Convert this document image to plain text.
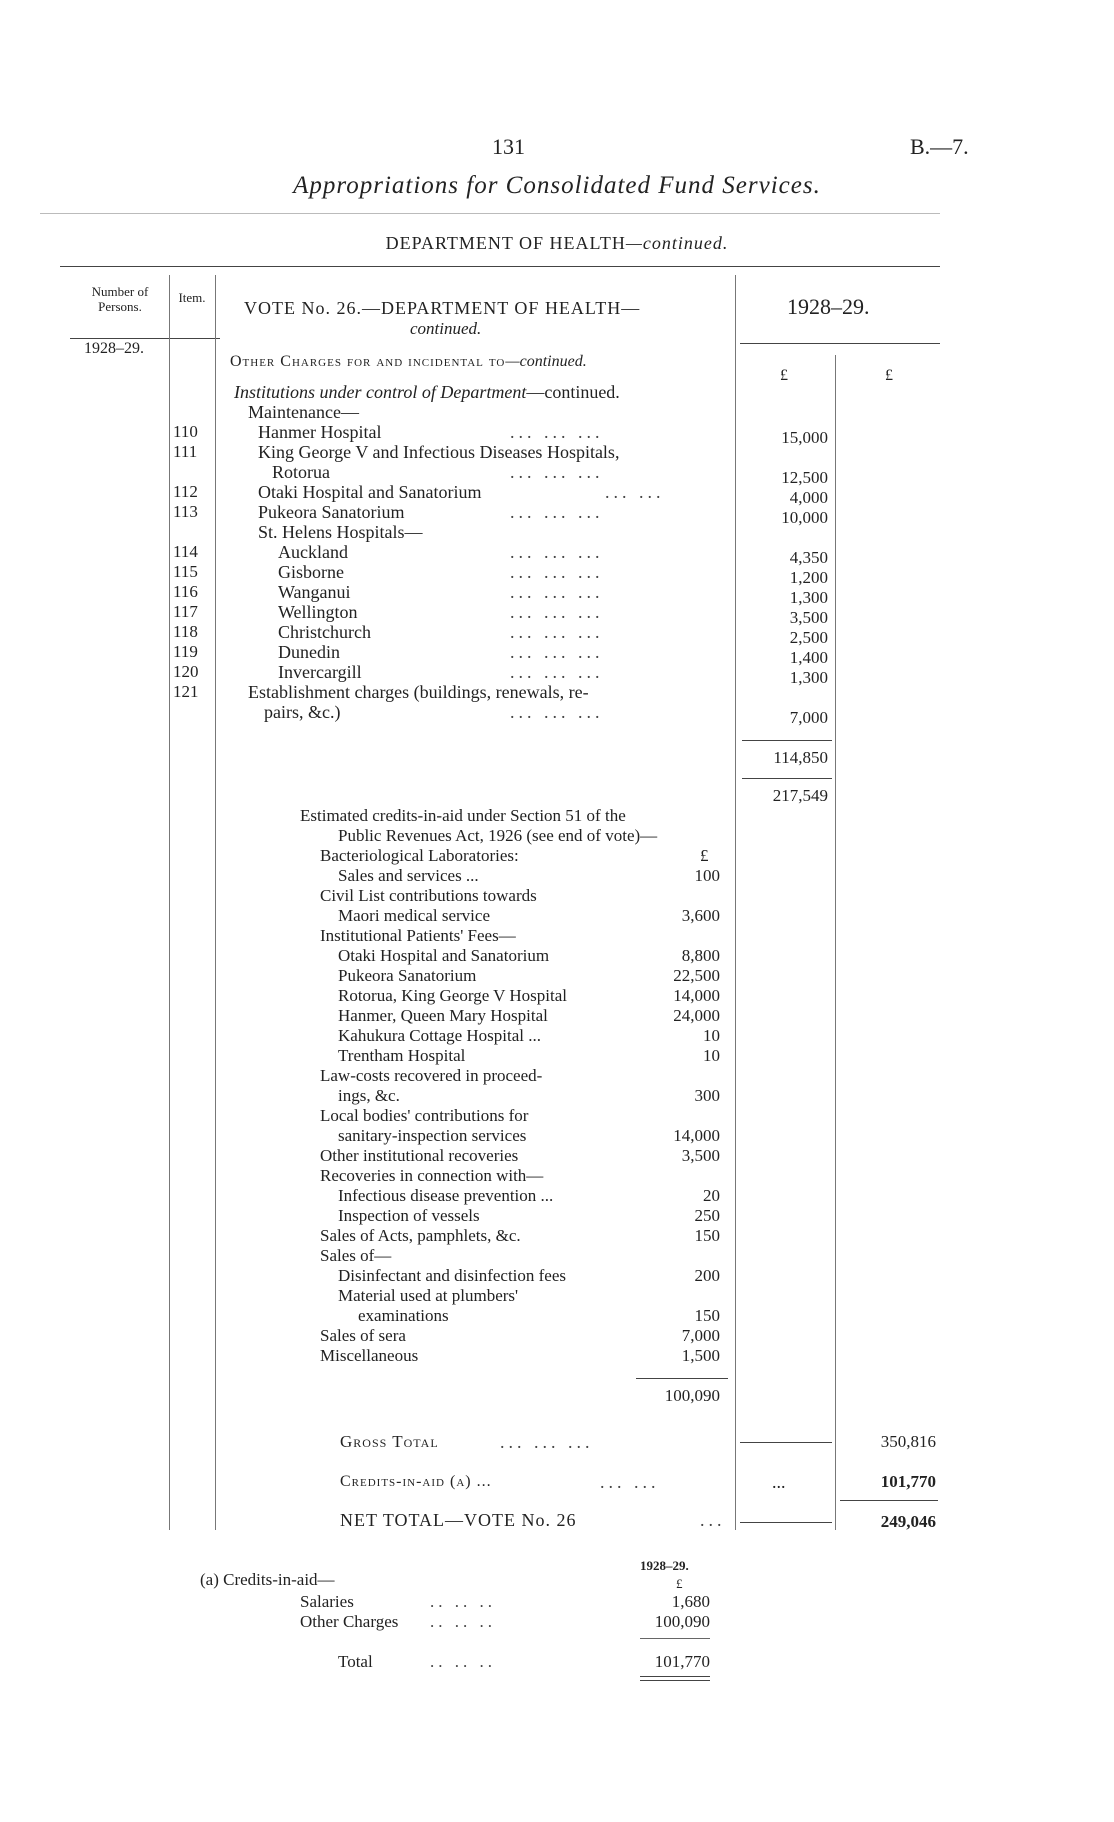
131	B.—7.
Appropriations for Consolidated Fund Services.
DEPARTMENT OF HEALTH—continued.
Number of Persons.
Item.
1928–29.
1928–29.
£	£
VOTE No. 26.—DEPARTMENT OF HEALTH—
continued.
Other Charges for and incidental to—continued.
Institutions under control of Department—continued.
Maintenance—
110	Hanmer Hospital	... ... ...	15,000
111	King George V and Infectious Diseases Hospitals,
Rotorua	... ... ...	12,500
112	Otaki Hospital and Sanatorium	... ...	4,000
113	Pukeora Sanatorium	... ... ...	10,000
St. Helens Hospitals—
114	Auckland	... ... ...	4,350
115	Gisborne	... ... ...	1,200
116	Wanganui	... ... ...	1,300
117	Wellington	... ... ...	3,500
118	Christchurch	... ... ...	2,500
119	Dunedin	... ... ...	1,400
120	Invercargill	... ... ...	1,300
121	Establishment charges (buildings, renewals, re-
pairs, &c.)	... ... ...	7,000
114,850
217,549
Estimated credits-in-aid under Section 51 of the
Public Revenues Act, 1926 (see end of vote)—
£
Bacteriological Laboratories:
Sales and services ...	100
Civil List contributions towards
Maori medical service	3,600
Institutional Patients' Fees—
Otaki Hospital and Sanatorium	8,800
Pukeora Sanatorium	22,500
Rotorua, King George V Hospital	14,000
Hanmer, Queen Mary Hospital	24,000
Kahukura Cottage Hospital ...	10
Trentham Hospital	10
Law-costs recovered in proceed-
ings, &c.	300
Local bodies' contributions for
sanitary-inspection services	14,000
Other institutional recoveries	3,500
Recoveries in connection with—
Infectious disease prevention ...	20
Inspection of vessels	250
Sales of Acts, pamphlets, &c.	150
Sales of—
Disinfectant and disinfection fees	200
Material used at plumbers'
examinations	150
Sales of sera	7,000
Miscellaneous	1,500
100,090
Gross Total	... ... ...	350,816
Credits-in-aid (a) ...	... ...	...	101,770
NET TOTAL—VOTE No. 26	...	249,046
(a) Credits-in-aid—
1928–29.
£
Salaries	.. .. ..	1,680
Other Charges .. .. ..	100,090
Total	.. .. ..	101,770
